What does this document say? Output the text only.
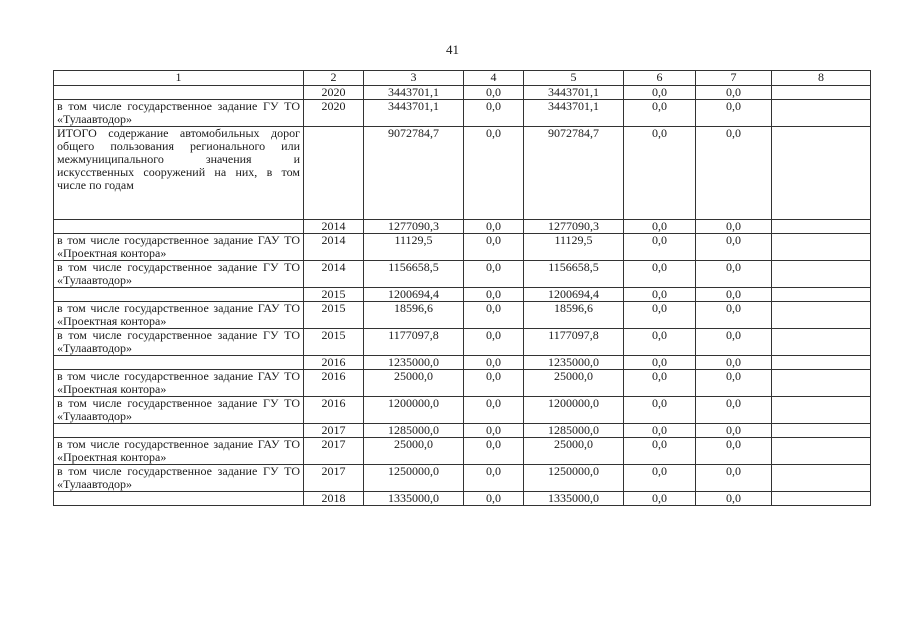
41
1	2	3	4	5	6	7	8
	2020	3443701,1	0,0	3443701,1	0,0	0,0	
в том числе государственное задание ГУ ТО «Тулаавтодор»	2020	3443701,1	0,0	3443701,1	0,0	0,0	
ИТОГО содержание автомобильных дорог общего пользования регионального или межмуниципального значения и искусственных сооружений на них, в том числе по годам		9072784,7	0,0	9072784,7	0,0	0,0	
	2014	1277090,3	0,0	1277090,3	0,0	0,0	
в том числе государственное задание ГАУ ТО «Проектная контора»	2014	11129,5	0,0	11129,5	0,0	0,0	
в том числе государственное задание ГУ ТО «Тулаавтодор»	2014	1156658,5	0,0	1156658,5	0,0	0,0	
	2015	1200694,4	0,0	1200694,4	0,0	0,0	
в том числе государственное задание ГАУ ТО «Проектная контора»	2015	18596,6	0,0	18596,6	0,0	0,0	
в том числе государственное задание ГУ ТО «Тулаавтодор»	2015	1177097,8	0,0	1177097,8	0,0	0,0	
	2016	1235000,0	0,0	1235000,0	0,0	0,0	
в том числе государственное задание ГАУ ТО «Проектная контора»	2016	25000,0	0,0	25000,0	0,0	0,0	
в том числе государственное задание ГУ ТО «Тулаавтодор»	2016	1200000,0	0,0	1200000,0	0,0	0,0	
	2017	1285000,0	0,0	1285000,0	0,0	0,0	
в том числе государственное задание ГАУ ТО «Проектная контора»	2017	25000,0	0,0	25000,0	0,0	0,0	
в том числе государственное задание ГУ ТО «Тулаавтодор»	2017	1250000,0	0,0	1250000,0	0,0	0,0	
	2018	1335000,0	0,0	1335000,0	0,0	0,0	
